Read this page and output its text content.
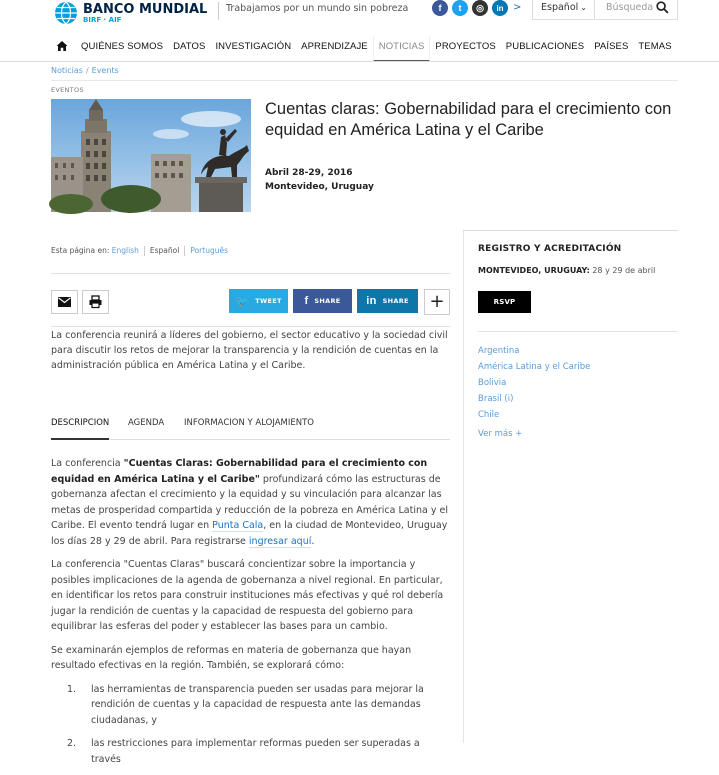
BANCO MUNDIAL
BIRF · AIF
Trabajamos por un mundo sin pobreza	f	t	◎	in >	Español ⌄	Búsqueda
QUIÉNES SOMOS	DATOS	INVESTIGACIÓN	APRENDIZAJE	NOTICIAS	PROYECTOS	PUBLICACIONES	PAÍSES	TEMAS
Noticias / Events
EVENTOS
Cuentas claras: Gobernabilidad para el crecimiento con equidad en América Latina y el Caribe
Abril 28-29, 2016
Montevideo, Uruguay
Esta página en: English Español Português
🐦 TWEET f SHARE in SHARE +
La conferencia reunirá a líderes del gobierno, el sector educativo y la sociedad civil para discutir los retos de mejorar la transparencia y la rendición de cuentas en la administración pública en América Latina y el Caribe.
DESCRIPCION AGENDA INFORMACION Y ALOJAMIENTO

La conferencia "Cuentas Claras: Gobernabilidad para el crecimiento con equidad en América Latina y el Caribe" profundizará cómo las estructuras de gobernanza afectan el crecimiento y la equidad y su vinculación para alcanzar las metas de prosperidad compartida y reducción de la pobreza en América Latina y el Caribe. El evento tendrá lugar en Punta Cala, en la ciudad de Montevideo, Uruguay los días 28 y 29 de abril. Para registrarse ingresar aquí.

La conferencia "Cuentas Claras" buscará concientizar sobre la importancia y posibles implicaciones de la agenda de gobernanza a nivel regional. En particular, en identificar los retos para construir instituciones más efectivas y qué rol debería jugar la rendición de cuentas y la capacidad de respuesta del gobierno para equilibrar las esferas del poder y establecer las bases para un cambio.

Se examinarán ejemplos de reformas en materia de gobernanza que hayan resultado efectivas en la región. También, se explorará cómo:

1. las herramientas de transparencia pueden ser usadas para mejorar la rendición de cuentas y la capacidad de respuesta ante las demandas ciudadanas, y
2. las restricciones para implementar reformas pueden ser superadas a través
REGISTRO Y ACREDITACIÓN
MONTEVIDEO, URUGUAY: 28 y 29 de abril
RSVP
Argentina
América Latina y el Caribe
Bolivia
Brasil (i)
Chile
Ver más +
